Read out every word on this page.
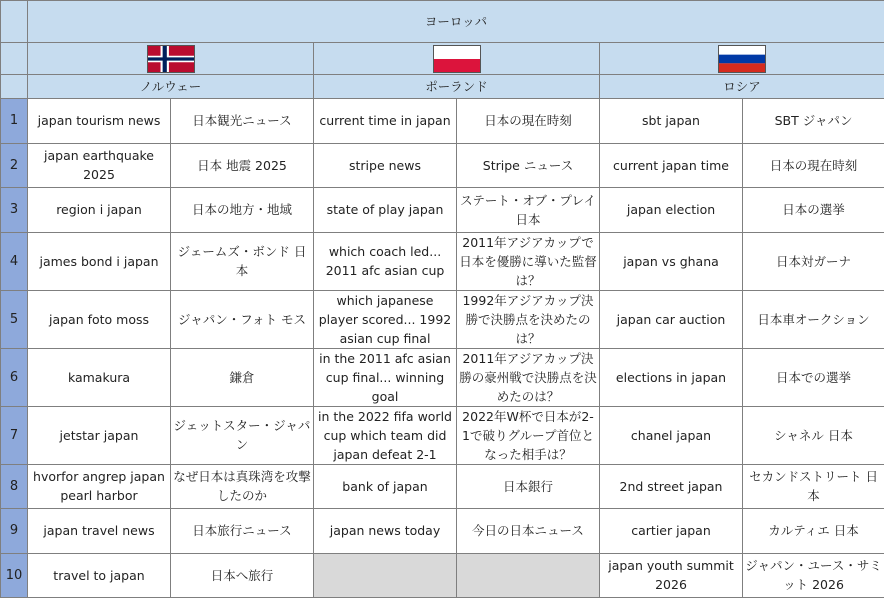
	ヨーロッパ					

	ノルウェー		ポーランド		ロシア	
1	japan tourism news	日本観光ニュース	current time in japan	日本の現在時刻	sbt japan	SBT ジャパン
2	japan earthquake 2025	日本 地震 2025	stripe news	Stripe ニュース	current japan time	日本の現在時刻
3	region i japan	日本の地方・地域	state of play japan	ステート・オブ・プレイ 日本	japan election	日本の選挙
4	james bond i japan	ジェームズ・ボンド 日本	which coach led... 2011 afc asian cup	2011年アジアカップで日本を優勝に導いた監督は？	japan vs ghana	日本対ガーナ
5	japan foto moss	ジャパン・フォト モス	which japanese player scored... 1992 asian cup final	1992年アジアカップ決勝で決勝点を決めたのは？	japan car auction	日本車オークション
6	kamakura	鎌倉	in the 2011 afc asian cup final... winning goal	2011年アジアカップ決勝の豪州戦で決勝点を決めたのは？	elections in japan	日本での選挙
7	jetstar japan	ジェットスター・ジャパン	in the 2022 fifa world cup which team did japan defeat 2-1	2022年W杯で日本が2-1で破りグループ首位となった相手は？	chanel japan	シャネル 日本
8	hvorfor angrep japan pearl harbor	なぜ日本は真珠湾を攻撃したのか	bank of japan	日本銀行	2nd street japan	セカンドストリート 日本
9	japan travel news	日本旅行ニュース	japan news today	今日の日本ニュース	cartier japan	カルティエ 日本
10	travel to japan	日本へ旅行			japan youth summit 2026	ジャパン・ユース・サミット 2026
